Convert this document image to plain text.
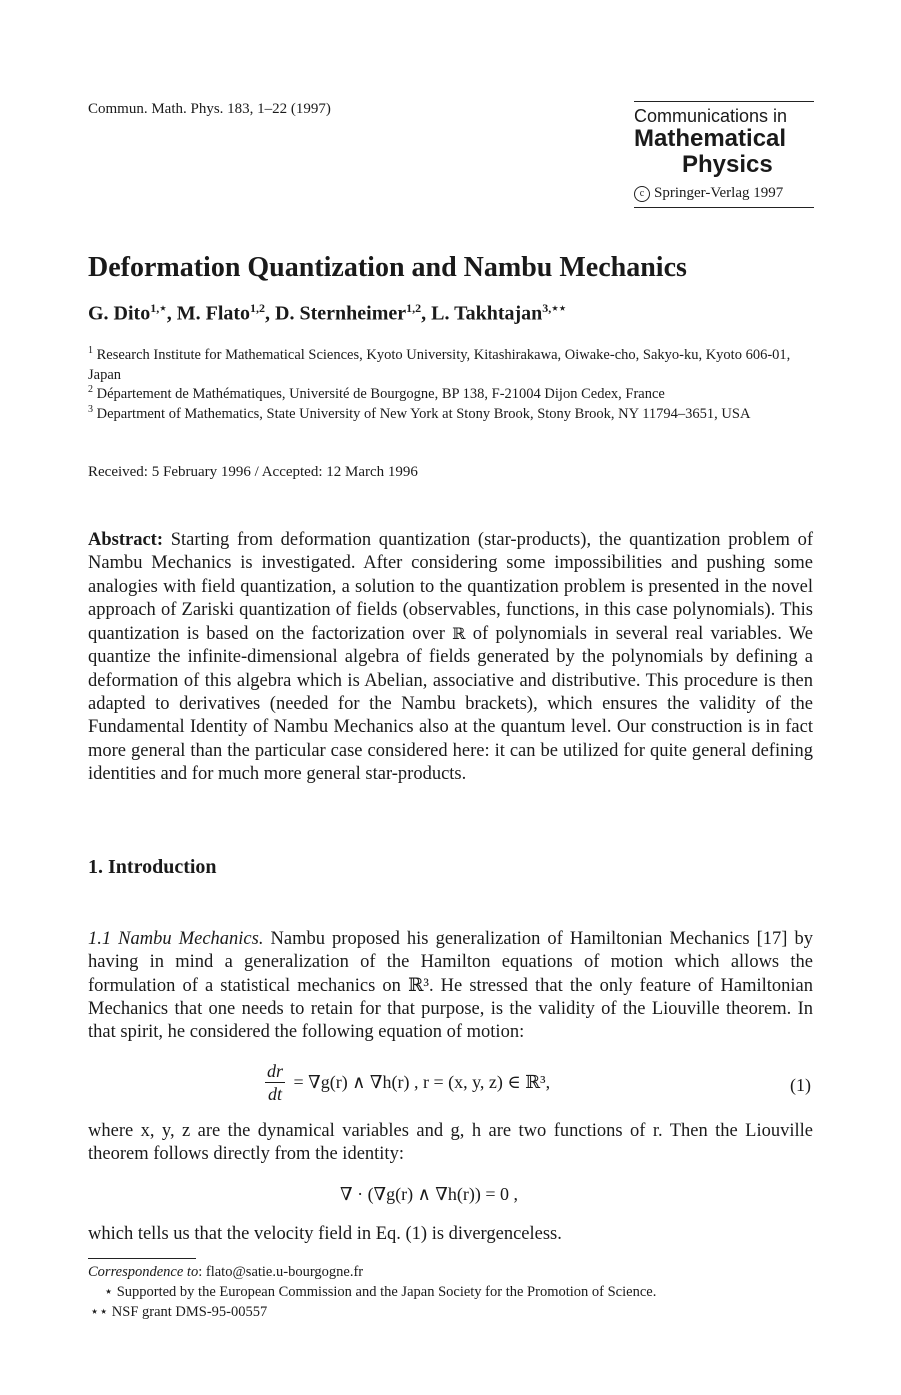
Commun. Math. Phys. 183, 1–22 (1997)	Communications in
Mathematical
Physics
c Springer-Verlag 1997
Deformation Quantization and Nambu Mechanics
G. Dito$^{1,⋆}$, M. Flato$^{1,2}$, D. Sternheimer$^{1,2}$, L. Takhtajan$^{3,⋆⋆}$
$^1$ Research Institute for Mathematical Sciences, Kyoto University, Kitashirakawa, Oiwake-cho, Sakyo-ku, Kyoto 606-01, Japan
$^2$ Département de Mathématiques, Université de Bourgogne, BP 138, F-21004 Dijon Cedex, France
$^3$ Department of Mathematics, State University of New York at Stony Brook, Stony Brook, NY 11794–3651, USA
Received: 5 February 1996 / Accepted: 12 March 1996
Abstract: Starting from deformation quantization (star-products), the quantization problem of Nambu Mechanics is investigated. After considering some impossibilities and pushing some analogies with field quantization, a solution to the quantization problem is presented in the novel approach of Zariski quantization of fields (observables, functions, in this case polynomials). This quantization is based on the factorization over ℝ of polynomials in several real variables. We quantize the infinite-dimensional algebra of fields generated by the polynomials by defining a deformation of this algebra which is Abelian, associative and distributive. This procedure is then adapted to derivatives (needed for the Nambu brackets), which ensures the validity of the Fundamental Identity of Nambu Mechanics also at the quantum level. Our construction is in fact more general than the particular case considered here: it can be utilized for quite general defining identities and for much more general star-products.
1. Introduction
1.1 Nambu Mechanics. Nambu proposed his generalization of Hamiltonian Mechanics [17] by having in mind a generalization of the Hamilton equations of motion which allows the formulation of a statistical mechanics on ℝ³. He stressed that the only feature of Hamiltonian Mechanics that one needs to retain for that purpose, is the validity of the Liouville theorem. In that spirit, he considered the following equation of motion:
$\frac{dr}{dt} = \nabla g(r)$ ∧ ∇h(r) , r = (x, y, z) ∈ ℝ³,	(1)
where x, y, z are the dynamical variables and g, h are two functions of r. Then the Liouville theorem follows directly from the identity:
∇ · (∇g(r) ∧ ∇h(r)) = 0 ,
which tells us that the velocity field in Eq. (1) is divergenceless.
Correspondence to: flato@satie.u-bourgogne.fr
⋆ Supported by the European Commission and the Japan Society for the Promotion of Science.
⋆⋆ NSF grant DMS-95-00557
